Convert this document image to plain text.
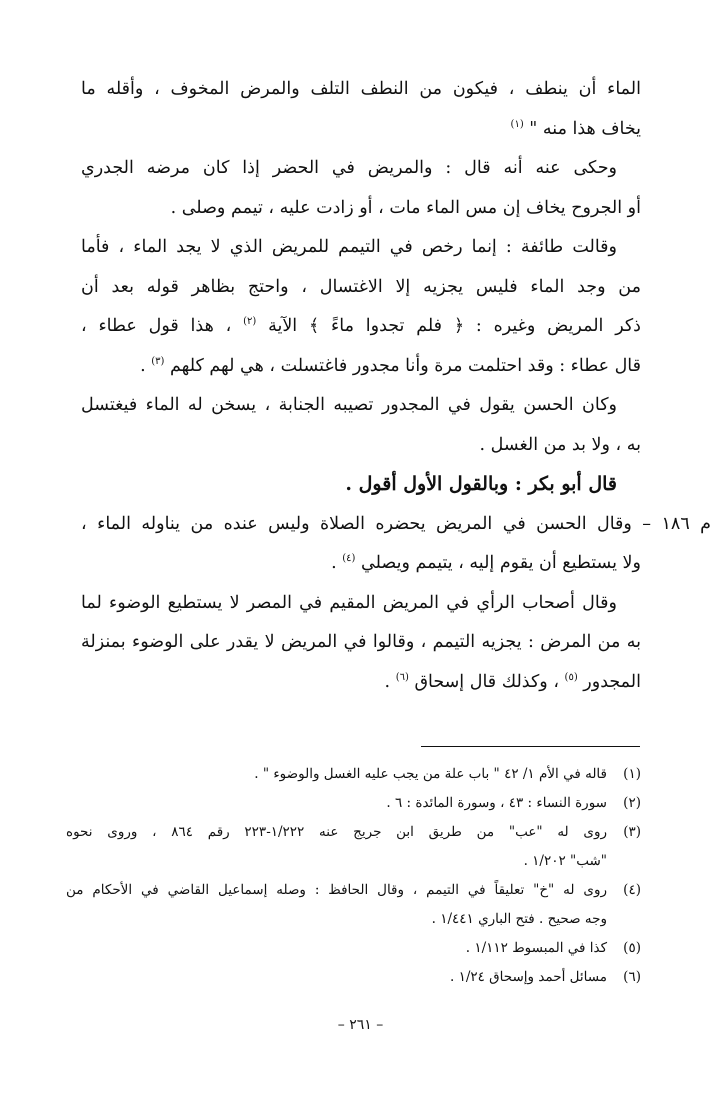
الماء أن ينطف ، فيكون من النطف التلف والمرض المخوف ، وأقله ما
يخاف هذا منه " $^{(١)}$
وحكى عنه أنه قال : والمريض في الحضر إذا كان مرضه الجدري
أو الجروح يخاف إن مس الماء مات ، أو زادت عليه ، تيمم وصلى .
وقالت طائفة : إنما رخص في التيمم للمريض الذي لا يجد الماء ، فأما
من وجد الماء فليس يجزيه إلا الاغتسال ، واحتج بظاهر قوله بعد أن
ذكر المريض وغيره : ﴿ فلم تجدوا ماءً ﴾ الآية $^{(٢)}$ ، هذا قول عطاء ،
قال عطاء : وقد احتلمت مرة وأنا مجدور فاغتسلت ، هي لهم كلهم $^{(٣)}$ .
وكان الحسن يقول في المجدور تصيبه الجنابة ، يسخن له الماء فيغتسل
به ، ولا بد من الغسل .
قال أبو بكر : وبالقول الأول أقول .
م ١٨٦ – وقال الحسن في المريض يحضره الصلاة وليس عنده من يناوله الماء ،
ولا يستطيع أن يقوم إليه ، يتيمم ويصلي $^{(٤)}$ .
وقال أصحاب الرأي في المريض المقيم في المصر لا يستطيع الوضوء لما
به من المرض : يجزيه التيمم ، وقالوا في المريض لا يقدر على الوضوء بمنزلة
المجدور $^{(٥)}$ ، وكذلك قال إسحاق $^{(٦)}$ .
(١)قاله في الأم ١/ ٤٢ " باب علة من يجب عليه الغسل والوضوء " .
(٢)سورة النساء : ٤٣ ، وسورة المائدة : ٦ .
(٣)روى له "عب" من طريق ابن جريج عنه ١/٢٢٢-٢٢٣ رقم ٨٦٤ ، وروى نحوه
"شب" ١/٢٠٢ .
(٤)روى له "خ" تعليقاً في التيمم ، وقال الحافظ : وصله إسماعيل القاضي في الأحكام من
وجه صحيح . فتح الباري ١/٤٤١ .
(٥)كذا في المبسوط ١/١١٢ .
(٦)مسائل أحمد وإسحاق ١/٢٤ .
– ٢٦١ –
